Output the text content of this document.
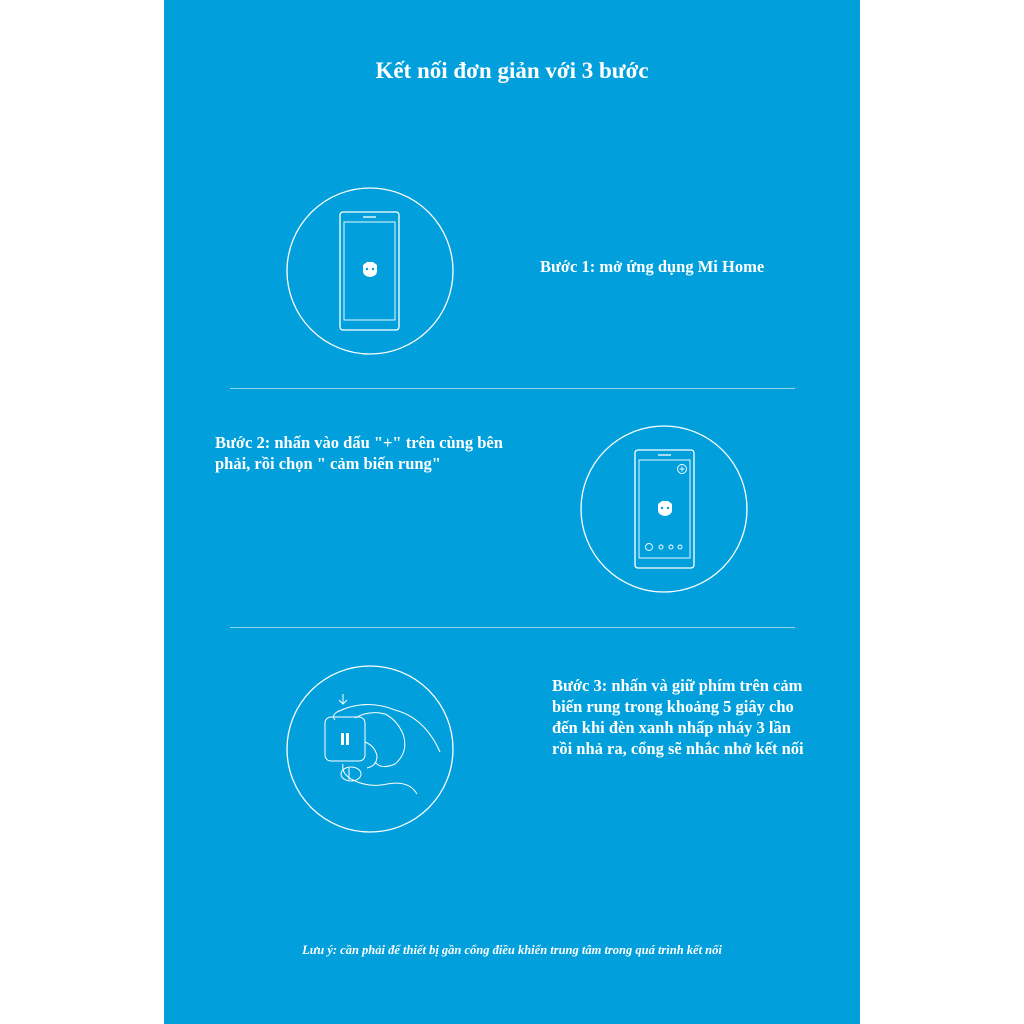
Kết nối đơn giản với 3 bước

Bước 1: mở ứng dụng Mi Home

Bước 2: nhấn vào dấu "+" trên cùng bên phải, rồi chọn " cảm biến rung"

Bước 3: nhấn và giữ phím trên cảm biến rung trong khoảng 5 giây cho đến khi đèn xanh nhấp nháy 3 lần rồi nhả ra, cổng sẽ nhắc nhở kết nối

Lưu ý: cần phải để thiết bị gần cổng điều khiển trung tâm trong quá trình kết nối
